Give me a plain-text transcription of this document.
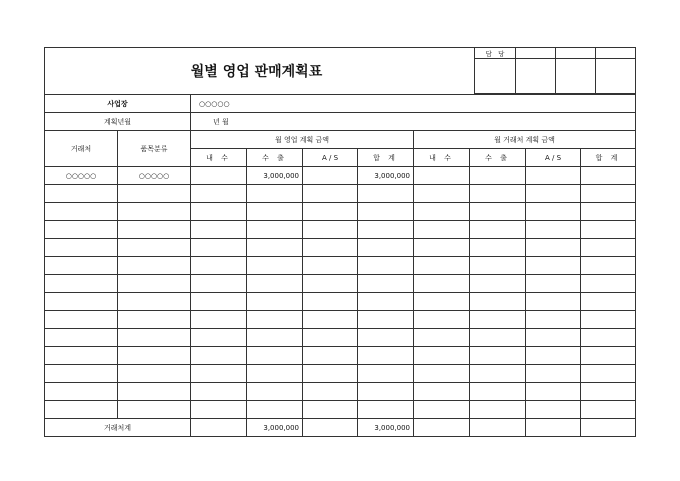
월별 영업 판매계획표	
담 당			

사업장		○○○○○							
계획년월		년 월							
거래처	품목분류	월 영업 계획 금액				월 거래처 계획 금액			
		내 수	수 출	A / S	합 계	내 수	수 출	A / S	합 계
○○○○○	○○○○○		3,000,000		3,000,000				

거래처계			3,000,000		3,000,000				
